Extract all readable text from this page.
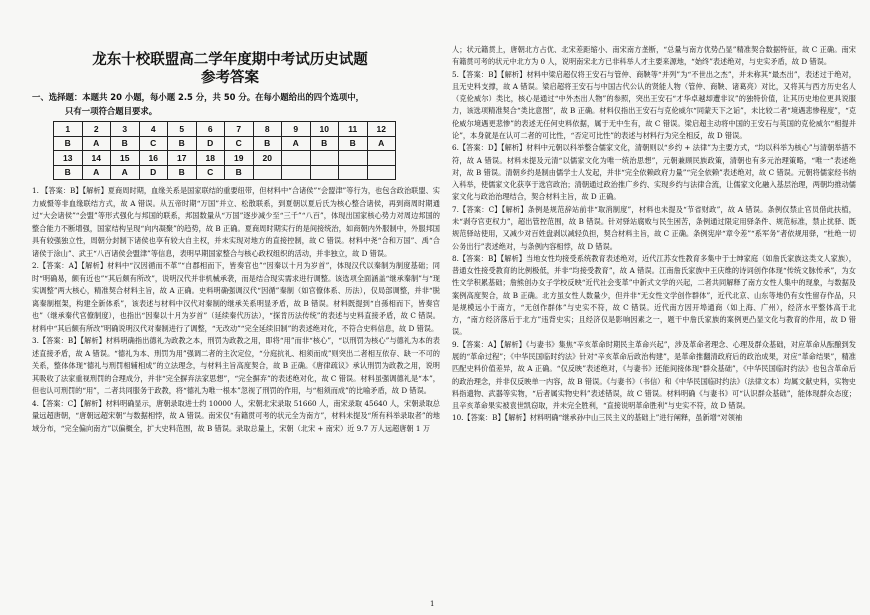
龙东十校联盟高二学年度期中考试历史试题
参考答案
一、选择题：本题共 20 小题，每小题 2.5 分，共 50 分。在每小题给出的四个选项中，
只有一项符合题目要求。
1	2	3	4	5	6	7	8	9	10	11	12
B	A	B	C	B	D	C	B	A	B	B	A
13	14	15	16	17	18	19	20				
B	A	A	D	B	C	B					

1. 【答案：B】【解析】夏商周时期，血缘关系是国家联结的重要纽带，但材料中“合诸侯”“会盟津”等行为，也包含政治联盟、实力威慑等非血缘联结方式，故 A 错误。从五帝时期“万国”并立、松散联系，到夏朝以夏后氏为核心整合诸侯，再到商周时期通过“大会诸侯”“会盟”等形式强化与邦国的联系，邦国数量从“万国”逐步减少至“三千”“八百”，体现出国家核心势力对周边邦国的整合能力不断增强，国家结构呈现“向内凝聚”的趋势，故 B 正确。夏商周时期实行的是间接统治，如商朝内外服制中，外服邦国具有较强独立性，周朝分封制下诸侯也享有较大自主权，并未实现对地方的直接控制，故 C 错误。材料中尧“合和万国”、禹“合诸侯于涂山”、武王“八百诸侯会盟津”等信息，表明早期国家整合与核心政权组织的活动，并非独立，故 D 错误。

2.【答案：A】【解析】材料中“汉因循而不革”“自郡相而下，皆奏官也”“因秦以十月为岁首”，体现汉代以秦制为制度基础；同时“明确易，颇有近也”“其后颇有所改”，说明汉代并非机械承袭，而是结合现实需求进行调整。该选项全面涵盖“继承秦制”与“现实调整”两大核心，精准契合材料主旨，故 A 正确。史料明确强调汉代“因循”秦制（如官僚体系、历法），仅局部调整，并非“脱离秦制框架，构建全新体系”，该表述与材料中汉代对秦制的继承关系明显矛盾，故 B 错误。材料既提到“自孫相而下，皆奏官也”（继承秦代官僚制度），也指出“因秦以十月为岁首”（延续秦代历法），“探肯历法传统”的表述与史料直接矛盾，故 C 错误。材料中“其后颇有所改”明确说明汉代对秦制进行了调整，“无改动”“完全延续旧制”的表述绝对化，不符合史料信息，故 D 错误。

3.【答案：B】【解析】材料明确指出德礼为政教之本，刑罚为政教之用，即将“用”而非“核心”，“以刑罚为核心”与德礼为本的表述直接矛盾，故 A 错误。“德礼为本、刑罚为用”强调二者的主次定位，“分庭抗礼、相须而成”则突出二者相互依存、缺一不可的关系，整体体现“德礼与刑罚相辅相成”的立法理念，与材料主旨高度契合，故 B 正确。《唐律疏议》承认刑罚为政教之用，说明其吸收了法家重视刑罚的合理成分，并非“完全摒弃法家思想”，“完全摒弃”的表述绝对化，故 C 错误。材料虽强调德礼是“本”，但也认可刑罚的“用”，二者共同服务于政教，将“德礼为唯一根本”忽视了刑罚的作用，与“相须而成”的比喻矛盾，故 D 错误。

4.【答案：C】【解析】材料明确显示，唐朝录取进士约 10000 人，宋朝北宋录取 51660 人，南宋录取 45640 人，宋朝录取总量远超唐朝，“唐朝远超宋朝”与数据相悖，故 A 错误。南宋仅“有籍贯可考的状元全为南方”，材料未提及“所有科举录取者”的地域分布，“完全偏向南方”以偏概全，扩大史料范围，故 B 错误。录取总量上，宋朝（北宋 + 南宋）近 9.7 万人远超唐朝 1 万

人；状元籍贯上，唐朝北方占优、北宋差距缩小、南宋南方垄断，“总量与南方优势凸显”精准契合数据特征，故 C 正确。南宋有籍贯可考的状元中北方为 0 人，说明南宋北方已非科举人才主要来源地，“始终”表述绝对，与史实矛盾，故 D 错误。

5.【答案：B】【解析】材料中梁启超仅将王安石与管仲、商鞅等“并列”为“不世出之杰”，并未称其“最杰出”，表述过于绝对，且无史料支撑，故 A 错误。梁启超将王安石与中国古代公认的贤能人物（管仲、商鞅、诸葛亮）对比，又将其与西方历史名人（克伦威尔）类比，核心是通过“中外杰出人物”的参照，突出王安石“才华卓越却遭非议”的独特价值，让其历史地位更具说服力，该选项精准契合“类比意图”，故 B 正确。材料仅指出王安石与克伦威尔“同蒙天下之诟”，未比较二者“境遇悲惨程度”，“克伦威尔境遇更悲惨”的表述无任何史料依据，属于无中生有，故 C 错误。梁启超主动将中国的王安石与英国的克伦威尔“相提并论”，本身就是在认可二者的可比性，“否定可比性”的表述与材料行为完全相反，故 D 错误。

6.【答案：D】【解析】材料中元朝以科举整合儒家文化，清朝则以“乡约 + 法律”为主要方式，“均以科举为核心”与清朝举措不符，故 A 错误。材料未提及元清“以儒家文化为唯一统治思想”，元朝兼顾民族政策，清朝也有多元治理策略，“唯一”表述绝对，故 B 错误。清朝乡约是制由儒学士人发起，并非“完全依赖政府力量”“完全依赖”表述绝对，故 C 错误。元朝将儒家经书纳入科举，使儒家文化获享于选官政治；清朝通过政治推广乡约、实现乡约与法律合流，让儒家文化融入基层治理，两朝均推动儒家文化与政治治理结合，契合材料主旨，故 D 正确。

7.【答案：C】【解析】条例是规范辞站前非“取消制度”，材料也未提及“节省财政”，故 A 错误。条例仅禁止官员借此扶植，未“剥夺官吏权力”，超出管控范围，故 B 错误。针对驿站腐败与民生困苦，条例通过限定用驿条件、规范标准，禁止扰驿、既规范驿站使用，又减少对百姓盘剥以减轻负担，契合材料主旨，故 C 正确。条例宪岸“章令差”“系军务”者依规用驿，“杜绝一切公务出行”表述绝对，与条例内容相悖，故 D 错误。

8.【答案：B】【解析】当地女性均接受系统教育表述绝对，近代江苏女性教育多集中于士绅家庭（如詹氏家族这类文人家族），普通女性接受教育的比例极低，并非“均接受教育”，故 A 错误。江南詹氏家族中王庆维的诗词创作体现“传统文脉传承”，为女性文学积累基础；詹熊创办女子学校反映“近代社会变革”中新式文学的兴起，二者共同解释了南方女性人集中的现象，与数据及案例高度契合，故 B 正确。北方虽女性人数量少，但并非“无女性文学创作群体”，近代北京、山东等地仍有女性留存作品，只是规模远小于南方，“无创作群体”与史实不符，故 C 错误。近代南方因开埠通商（如上海、广州），经济水平整体高于北方，“南方经济落后于北方”违背史实；且经济仅是影响因素之一，题干中詹氏家族的案例更凸显文化与教育的作用，故 D 错误。

9.【答案：A】【解析】《与妻书》集焦“辛亥革命时期民主革命兴起”，涉及革命者理念、心理及群众基础，对应革命从酝酿到发展的“革命过程”；《中华民国临时约法》针对“辛亥革命后政治构建”，是革命推翻清政府后的政治成果，对应“革命结果”，精准匹配史料价值差异，故 A 正确。“仅反映”表述绝对，《与妻书》还能间接体现“群众基础”，《中华民国临时约法》也包含革命后的政治理念，并非仅反映单一内容，故 B 错误。《与妻书》（书信）和《中华民国临时约法》（法律文本）均属文献史料，实物史料指遗物、武器等实物，“后者属实物史料”表述错误，故 C 错误。材料明确《与妻书》可“认识群众基础”，能体现群众态度；且辛亥革命果实被袁世凯窃取，并未完全胜利，“直接说明革命胜利”与史实不符，故 D 错误。

10.【答案：B】【解析】材料明确“继承孙中山三民主义的基础上”进行阐释，虽新增“对领袖

1
